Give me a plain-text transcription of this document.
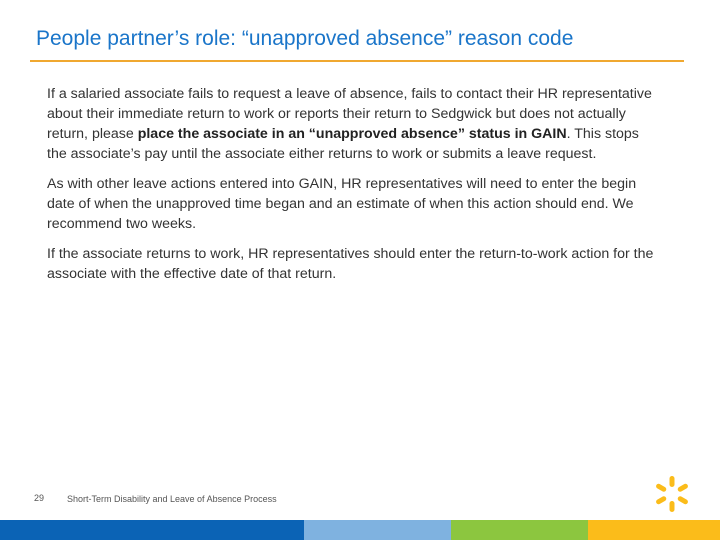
People partner’s role: “unapproved absence” reason code

If a salaried associate fails to request a leave of absence, fails to contact their HR representative about their immediate return to work or reports their return to Sedgwick but does not actually return, please place the associate in an “unapproved absence” status in GAIN. This stops the associate’s pay until the associate either returns to work or submits a leave request.

As with other leave actions entered into GAIN, HR representatives will need to enter the begin date of when the unapproved time began and an estimate of when this action should end. We recommend two weeks.

If the associate returns to work, HR representatives should enter the return-to-work action for the associate with the effective date of that return.

29	Short-Term Disability and Leave of Absence Process
